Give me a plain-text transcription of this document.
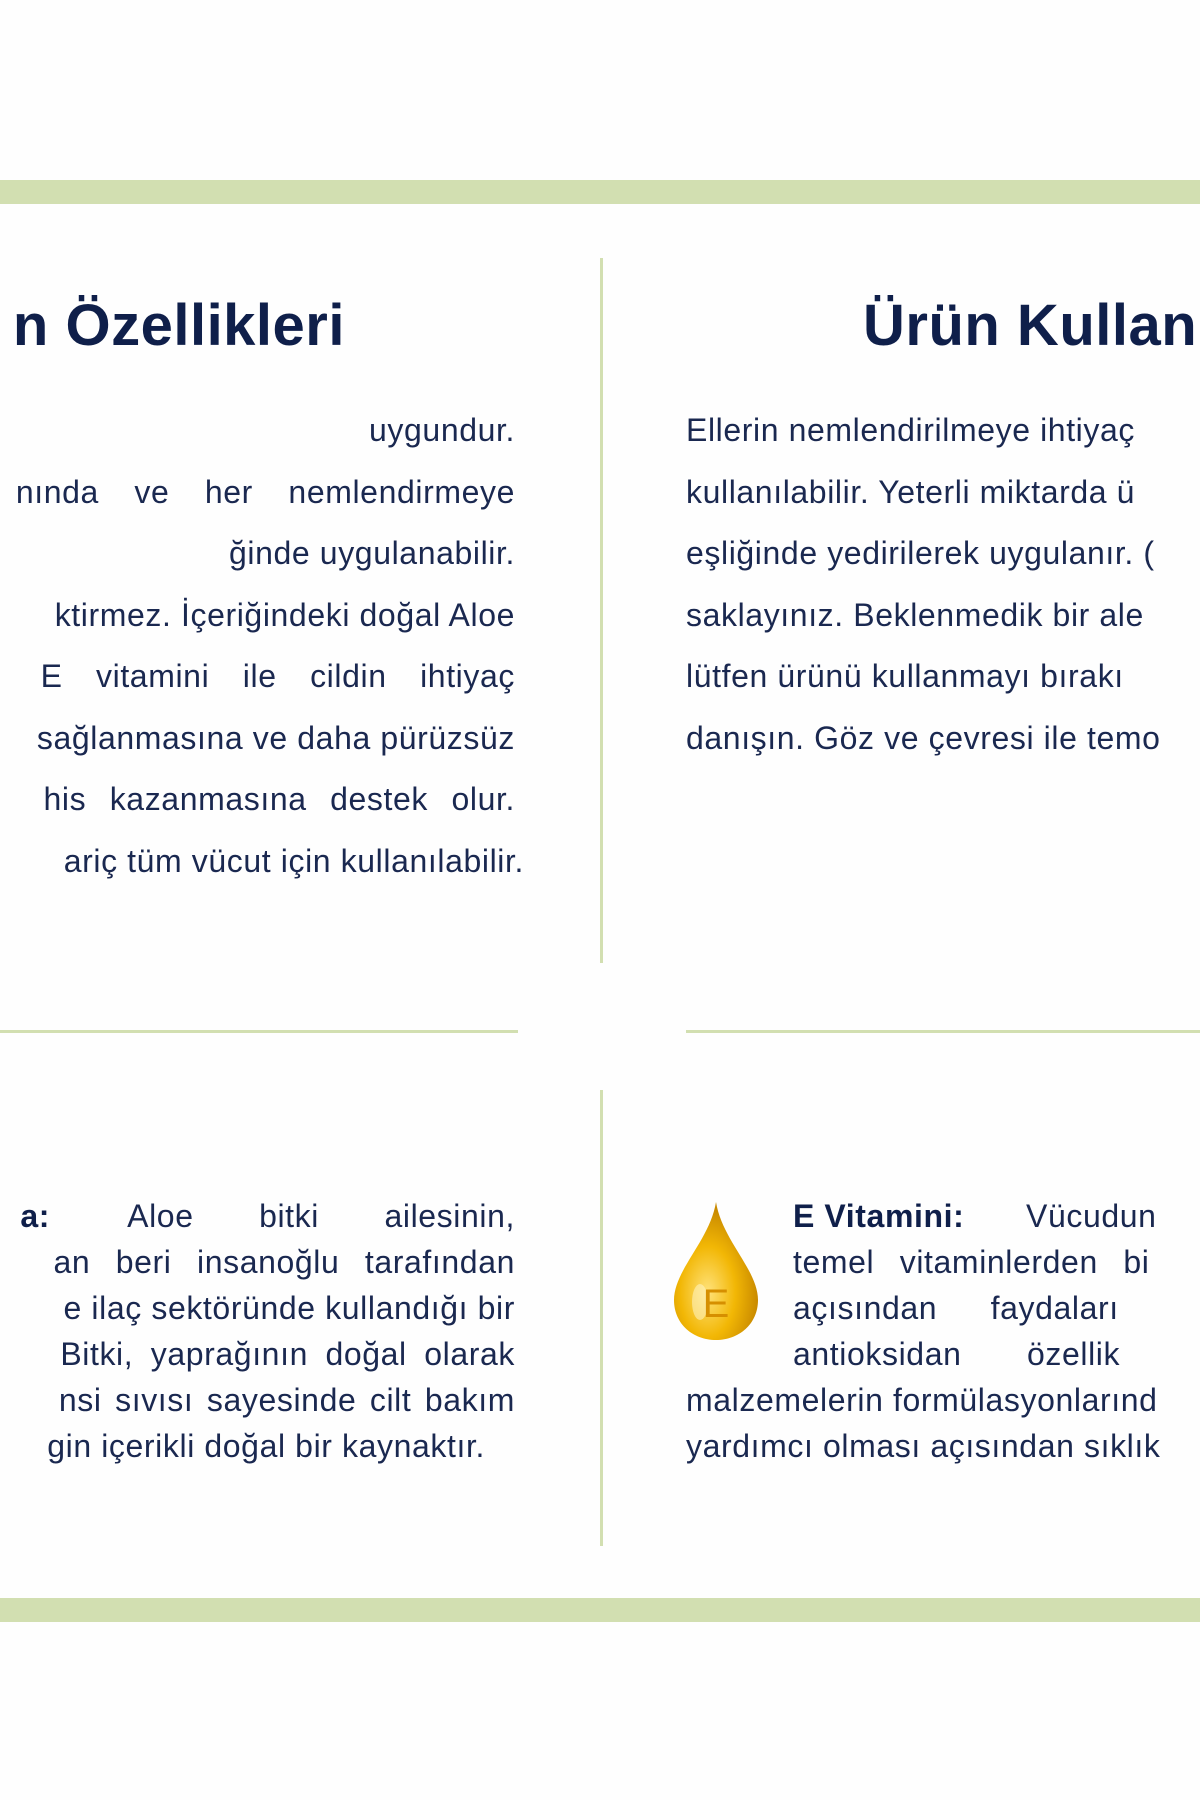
n Özellikleri
uygundur.
nında ve her nemlendirmeye
ğinde uygulanabilir.
ktirmez. İçeriğindeki doğal Aloe
E vitamini ile cildin ihtiyaç
sağlanmasına ve daha pürüzsüz
his kazanmasına destek olur.
ariç tüm vücut için kullanılabilir.
Ürün Kullan
Ellerin nemlendirilmeye ihtiyaç
kullanılabilir. Yeterli miktarda ü
eşliğinde yedirilerek uygulanır. (
saklayınız. Beklenmedik bir ale
lütfen ürünü kullanmayı bırakı
danışın. Göz ve çevresi ile temo
a: Aloe bitki ailesinin,
an beri insanoğlu tarafından
e ilaç sektöründe kullandığı bir
Bitki, yaprağının doğal olarak
nsi sıvısı sayesinde cilt bakım
gin içerikli doğal bir kaynaktır.
E
E Vitamini: Vücudun
temel vitaminlerden bi
açısından faydaları
antioksidan özellik
malzemelerin formülasyonlarınd
yardımcı olması açısından sıklık
